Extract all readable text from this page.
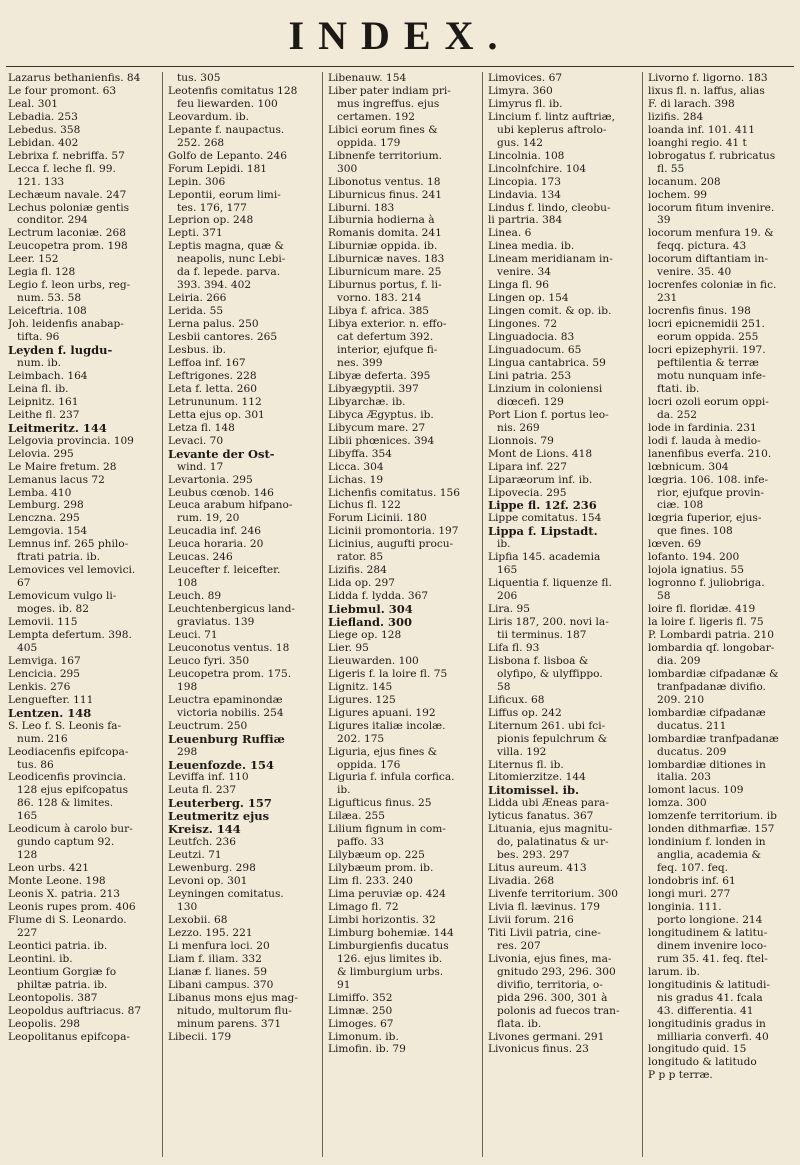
INDEX.
Lazarus bethanienfis. 84
Le four promont. 63
Leal. 301
Lebadia. 253
Lebedus. 358
Lebidan. 402
Lebrixa f. nebriffa. 57
Lecca f. leche fl. 99.
121. 133
Lechæum navale. 247
Lechus poloniæ gentis
conditor. 294
Lectrum laconiæ. 268
Leucopetra prom. 198
Leer. 152
Legia fl. 128
Legio f. leon urbs, reg-
num. 53. 58
Leiceftria. 108
Joh. leidenfis anabap-
tifta. 96
Leyden f. lugdu-
num. ib.
Leimbach. 164
Leina fl. ib.
Leipnitz. 161
Leithe fl. 237
Leitmeritz. 144
Lelgovia provincia. 109
Lelovia. 295
Le Maire fretum. 28
Lemanus lacus 72
Lemba. 410
Lemburg. 298
Lenczna. 295
Lemgovia. 154
Lemnus inf. 265 philo-
ftrati patria. ib.
Lemovices vel lemovici.
67
Lemovicum vulgo li-
moges. ib. 82
Lemovii. 115
Lempta defertum. 398.
405
Lemviga. 167
Lencicia. 295
Lenkis. 276
Lenguefter. 111
Lentzen. 148
S. Leo f. S. Leonis fa-
num. 216
Leodiacenfis epifcopa-
tus. 86
Leodicenfis provincia.
128 ejus epifcopatus
86. 128 & limites.
165
Leodicum à carolo bur-
gundo captum 92.
128
Leon urbs. 421
Monte Leone. 198
Leonis X. patria. 213
Leonis rupes prom. 406
Flume di S. Leonardo.
227
Leontici patria. ib.
Leontini. ib.
Leontium Gorgiæ fo
philtæ patria. ib.
Leontopolis. 387
Leopoldus auftriacus. 87
Leopolis. 298
Leopolitanus epifcopa-
tus. 305
Leotenfis comitatus 128
feu liewarden. 100
Leovardum. ib.
Lepante f. naupactus.
252. 268
Golfo de Lepanto. 246
Forum Lepidi. 181
Lepin. 306
Lepontii, eorum limi-
tes. 176, 177
Leprion op. 248
Lepti. 371
Leptis magna, quæ &
neapolis, nunc Lebi-
da f. lepede. parva.
393. 394. 402
Leiria. 266
Lerida. 55
Lerna palus. 250
Lesbii cantores. 265
Lesbus. ib.
Leffoa inf. 167
Leftrigones. 228
Leta f. letta. 260
Letrununum. 112
Letta ejus op. 301
Letza fl. 148
Levaci. 70
Levante der Ost-
wind. 17
Levartonia. 295
Leubus cœnob. 146
Leuca arabum hifpano-
rum. 19, 20
Leucadia inf. 246
Leuca horaria. 20
Leucas. 246
Leucefter f. leicefter.
108
Leuch. 89
Leuchtenbergicus land-
graviatus. 139
Leuci. 71
Leuconotus ventus. 18
Leuco fyri. 350
Leucopetra prom. 175.
198
Leuctra epaminondæ
victoria nobilis. 254
Leuctrum. 250
Leuenburg Ruffiæ
298
Leuenfozde. 154
Leviffa inf. 110
Leuta fl. 237
Leuterberg. 157
Leutmeritz ejus
Kreisz. 144
Leutfch. 236
Leutzi. 71
Lewenburg. 298
Levoni op. 301
Leyningen comitatus.
130
Lexobii. 68
Lezzo. 195. 221
Li menfura loci. 20
Liam f. iliam. 332
Lianæ f. lianes. 59
Libani campus. 370
Libanus mons ejus mag-
nitudo, multorum flu-
minum parens. 371
Libecii. 179
Libenauw. 154
Liber pater indiam pri-
mus ingreffus. ejus
certamen. 192
Libici eorum fines &
oppida. 179
Libnenfe territorium.
300
Libonotus ventus. 18
Liburnicus finus. 241
Liburni. 183
Liburnia hodierna à
Romanis domita. 241
Liburniæ oppida. ib.
Liburnicæ naves. 183
Liburnicum mare. 25
Liburnus portus, f. li-
vorno. 183. 214
Libya f. africa. 385
Libya exterior. n. effo-
cat defertum 392.
interior, ejufque fi-
nes. 399
Libyæ deferta. 395
Libyægyptii. 397
Libyarchæ. ib.
Libyca Ægyptus. ib.
Libycum mare. 27
Libii phœnices. 394
Libyffa. 354
Licca. 304
Lichas. 19
Lichenfis comitatus. 156
Lichus fl. 122
Forum Licinii. 180
Licinii promontoria. 197
Licinius, augufti procu-
rator. 85
Lizifis. 284
Lida op. 297
Lidda f. lydda. 367
Liebmul. 304
Liefland. 300
Liege op. 128
Lier. 95
Lieuwarden. 100
Ligeris f. la loire fl. 75
Lignitz. 145
Ligures. 125
Ligures apuani. 192
Ligures italiæ incolæ.
202. 175
Liguria, ejus fines &
oppida. 176
Liguria f. infula corfica.
ib.
Ligufticus finus. 25
Lilæa. 255
Lilium fignum in com-
paffo. 33
Lilybæum op. 225
Lilybæum prom. ib.
Lim fl. 233. 240
Lima peruviæ op. 424
Limago fl. 72
Limbi horizontis. 32
Limburg bohemiæ. 144
Limburgienfis ducatus
126. ejus limites ib.
& limburgium urbs.
91
Limiffo. 352
Limnæ. 250
Limoges. 67
Limonum. ib.
Limofin. ib. 79
Limovices. 67
Limyra. 360
Limyrus fl. ib.
Lincium f. lintz auftriæ,
ubi keplerus aftrolo-
gus. 142
Lincolnia. 108
Lincolnfchire. 104
Lincopia. 173
Lindavia. 134
Lindus f. lindo, cleobu-
li partria. 384
Linea. 6
Linea media. ib.
Lineam meridianam in-
venire. 34
Linga fl. 96
Lingen op. 154
Lingen comit. & op. ib.
Lingones. 72
Linguadocia. 83
Linguadocum. 65
Lingua cantabrica. 59
Lini patria. 253
Linzium in coloniensi
diœcefi. 129
Port Lion f. portus leo-
nis. 269
Lionnois. 79
Mont de Lions. 418
Lipara inf. 227
Liparæorum inf. ib.
Lipovecia. 295
Lippe fl. 12f. 236
Lippe comitatus. 154
Lippa f. Lipstadt.
ib.
Lipfia 145. academia
165
Liquentia f. liquenze fl.
206
Lira. 95
Liris 187, 200. novi la-
tii terminus. 187
Lifa fl. 93
Lisbona f. lisboa &
olyfipo, & ulyffippo.
58
Lificux. 68
Liffus op. 242
Liternum 261. ubi fci-
pionis fepulchrum &
villa. 192
Liternus fl. ib.
Litomierzitze. 144
Litomissel. ib.
Lidda ubi Æneas para-
lyticus fanatus. 367
Lituania, ejus magnitu-
do, palatinatus & ur-
bes. 293. 297
Litus aureum. 413
Livadia. 268
Livenfe territorium. 300
Livia fl. lævinus. 179
Livii forum. 216
Titi Livii patria, cine-
res. 207
Livonia, ejus fines, ma-
gnitudo 293, 296. 300
divifio, territoria, o-
pida 296. 300, 301 à
polonis ad fuecos tran-
flata. ib.
Livones germani. 291
Livonicus finus. 23
Livorno f. ligorno. 183
lixus fl. n. laffus, alias
F. di larach. 398
lizifis. 284
loanda inf. 101. 411
loanghi regio. 41 t
lobrogatus f. rubricatus
fl. 55
locanum. 208
lochem. 99
locorum fitum invenire.
39
locorum menfura 19. &
feqq. pictura. 43
locorum diftantiam in-
venire. 35. 40
locrenfes coloniæ in fic.
231
locrenfis finus. 198
locri epicnemidii 251.
eorum oppida. 255
locri epizephyrii. 197.
peftilentia & terræ
motu nunquam infe-
ftati. ib.
locri ozoli eorum oppi-
da. 252
lode in fardinia. 231
lodi f. lauda à medio-
lanenfibus everfa. 210.
lœbnicum. 304
lœgria. 106. 108. infe-
rior, ejufque provin-
ciæ. 108
lœgria fuperior, ejus-
que fines. 108
lœven. 69
lofanto. 194. 200
lojola ignatius. 55
logronno f. juliobriga.
58
loire fl. floridæ. 419
la loire f. ligeris fl. 75
P. Lombardi patria. 210
lombardia qf. longobar-
dia. 209
lombardiæ cifpadanæ &
tranfpadanæ divifio.
209. 210
lombardiæ cifpadanæ
ducatus. 211
lombardiæ tranfpadanæ
ducatus. 209
lombardiæ ditiones in
italia. 203
lomont lacus. 109
lomza. 300
lomzenfe territorium. ib
londen dithmarfiæ. 157
londinium f. londen in
anglia, academia &
feq. 107. feq.
londobris inf. 61
longi muri. 277
longinia. 111.
porto longione. 214
longitudinem & latitu-
dinem invenire loco-
rum 35. 41. feq. ftel-
larum. ib.
longitudinis & latitudi-
nis gradus 41. fcala
43. differentia. 41
longitudinis gradus in
milliaria converfi. 40
longitudo quid. 15
longitudo & latitudo
P p p terræ.
